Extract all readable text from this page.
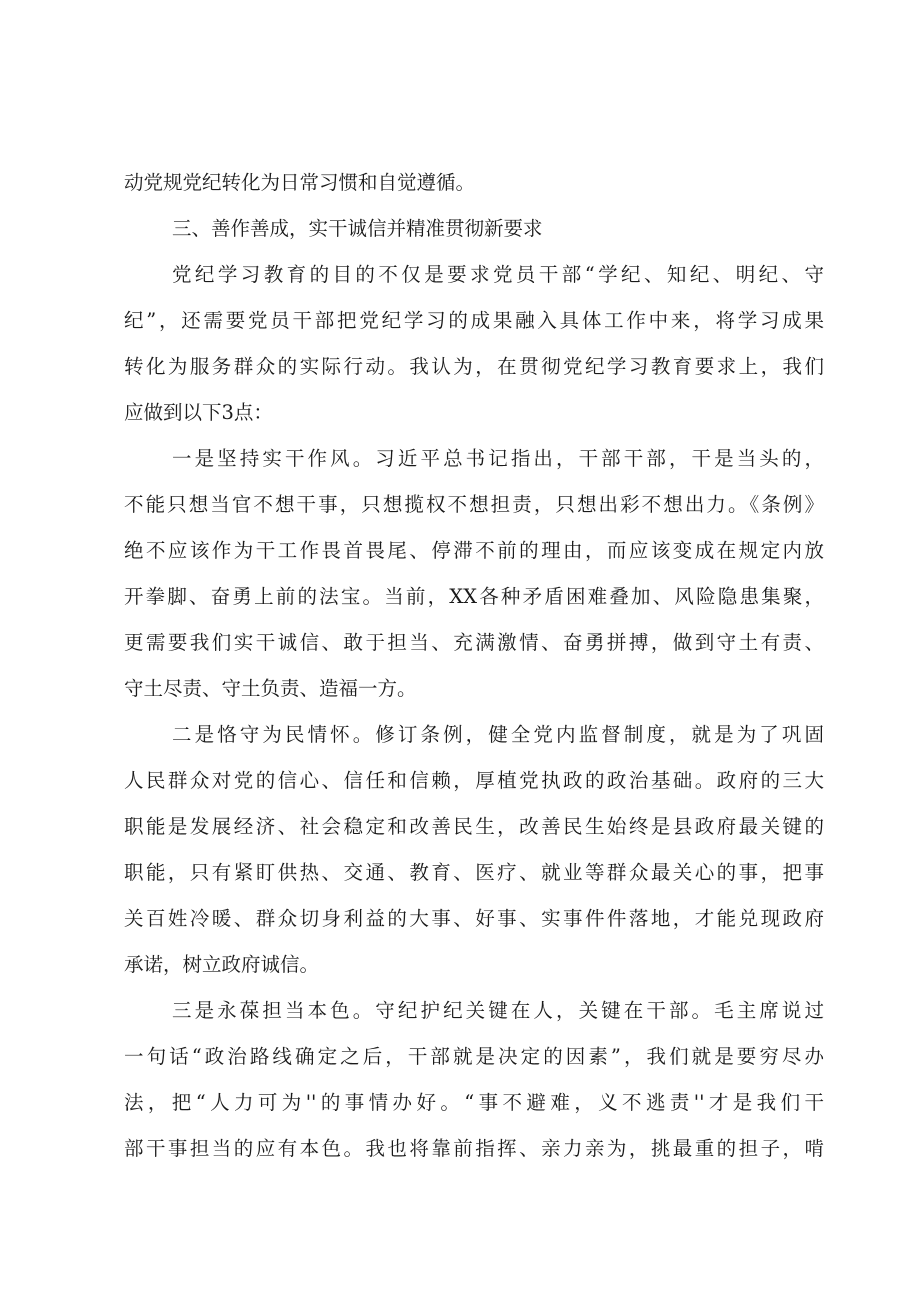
动党规党纪转化为日常习惯和自觉遵循。
三、善作善成，实干诚信并精准贯彻新要求
党纪学习教育的目的不仅是要求党员干部“学纪、知纪、明纪、守
纪”，还需要党员干部把党纪学习的成果融入具体工作中来，将学习成果
转化为服务群众的实际行动。我认为，在贯彻党纪学习教育要求上，我们
应做到以下3点：
一是坚持实干作风。习近平总书记指出，干部干部，干是当头的，
不能只想当官不想干事，只想揽权不想担责，只想出彩不想出力。《条例》
绝不应该作为干工作畏首畏尾、停滞不前的理由，而应该变成在规定内放
开拳脚、奋勇上前的法宝。当前，XX各种矛盾困难叠加、风险隐患集聚，
更需要我们实干诚信、敢于担当、充满激情、奋勇拼搏，做到守土有责、
守土尽责、守土负责、造福一方。
二是恪守为民情怀。修订条例，健全党内监督制度，就是为了巩固
人民群众对党的信心、信任和信赖，厚植党执政的政治基础。政府的三大
职能是发展经济、社会稳定和改善民生，改善民生始终是县政府最关键的
职能，只有紧盯供热、交通、教育、医疗、就业等群众最关心的事，把事
关百姓冷暖、群众切身利益的大事、好事、实事件件落地，才能兑现政府
承诺，树立政府诚信。
三是永葆担当本色。守纪护纪关键在人，关键在干部。毛主席说过
一句话“政治路线确定之后，干部就是决定的因素”，我们就是要穷尽办
法，把“人力可为''的事情办好。“事不避难，义不逃责''才是我们干
部干事担当的应有本色。我也将靠前指挥、亲力亲为，挑最重的担子，啃
